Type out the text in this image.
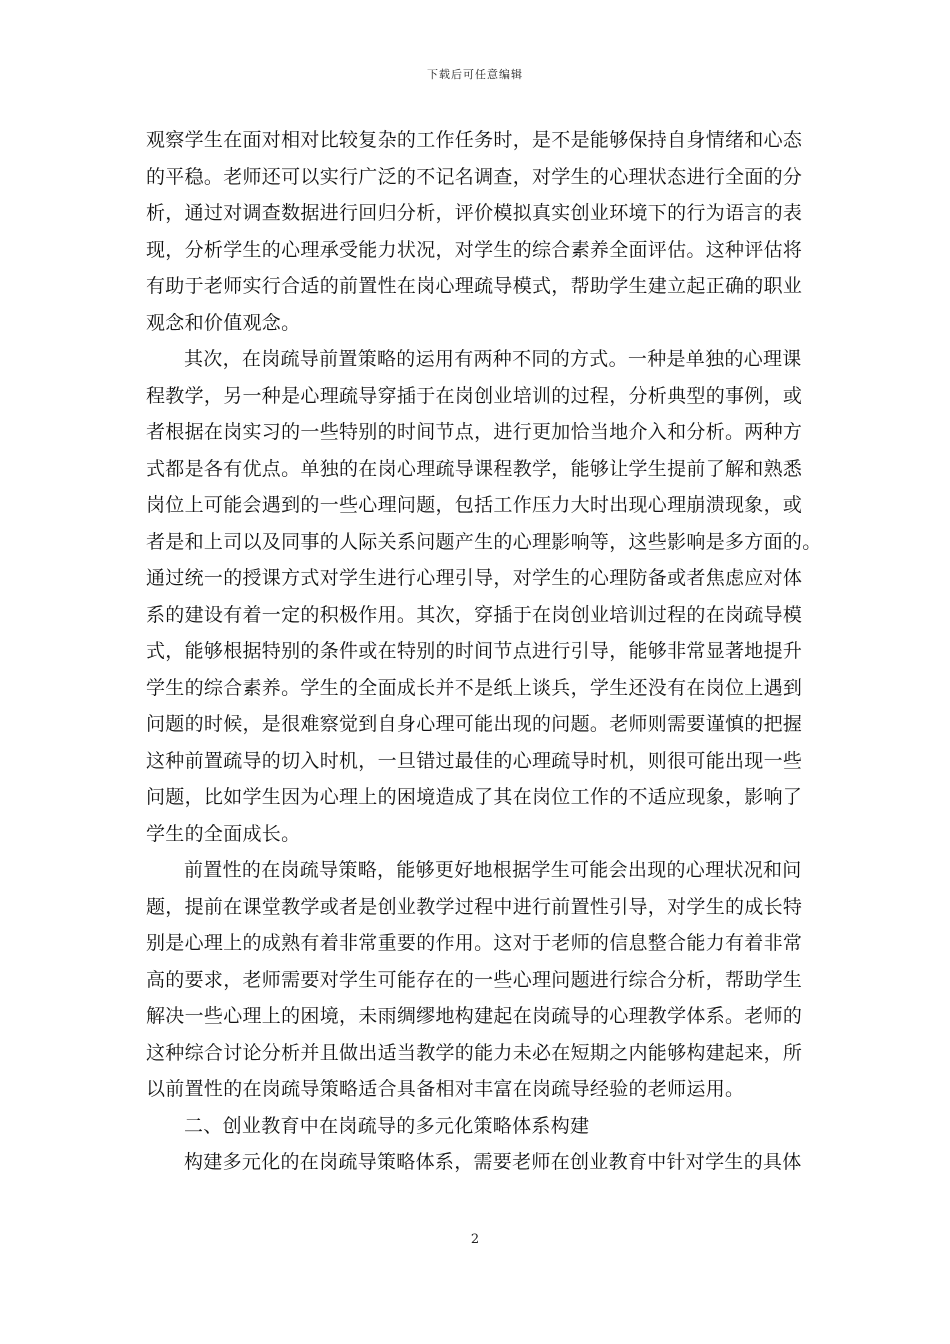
下载后可任意编辑
观察学生在面对相对比较复杂的工作任务时，是不是能够保持自身情绪和心态
的平稳。老师还可以实行广泛的不记名调查，对学生的心理状态进行全面的分
析，通过对调查数据进行回归分析，评价模拟真实创业环境下的行为语言的表
现，分析学生的心理承受能力状况，对学生的综合素养全面评估。这种评估将
有助于老师实行合适的前置性在岗心理疏导模式，帮助学生建立起正确的职业
观念和价值观念。
其次，在岗疏导前置策略的运用有两种不同的方式。一种是单独的心理课
程教学，另一种是心理疏导穿插于在岗创业培训的过程，分析典型的事例，或
者根据在岗实习的一些特别的时间节点，进行更加恰当地介入和分析。两种方
式都是各有优点。单独的在岗心理疏导课程教学，能够让学生提前了解和熟悉
岗位上可能会遇到的一些心理问题，包括工作压力大时出现心理崩溃现象，或
者是和上司以及同事的人际关系问题产生的心理影响等，这些影响是多方面的。
通过统一的授课方式对学生进行心理引导，对学生的心理防备或者焦虑应对体
系的建设有着一定的积极作用。其次，穿插于在岗创业培训过程的在岗疏导模
式，能够根据特别的条件或在特别的时间节点进行引导，能够非常显著地提升
学生的综合素养。学生的全面成长并不是纸上谈兵，学生还没有在岗位上遇到
问题的时候，是很难察觉到自身心理可能出现的问题。老师则需要谨慎的把握
这种前置疏导的切入时机，一旦错过最佳的心理疏导时机，则很可能出现一些
问题，比如学生因为心理上的困境造成了其在岗位工作的不适应现象，影响了
学生的全面成长。
前置性的在岗疏导策略，能够更好地根据学生可能会出现的心理状况和问
题，提前在课堂教学或者是创业教学过程中进行前置性引导，对学生的成长特
别是心理上的成熟有着非常重要的作用。这对于老师的信息整合能力有着非常
高的要求，老师需要对学生可能存在的一些心理问题进行综合分析，帮助学生
解决一些心理上的困境，未雨绸缪地构建起在岗疏导的心理教学体系。老师的
这种综合讨论分析并且做出适当教学的能力未必在短期之内能够构建起来，所
以前置性的在岗疏导策略适合具备相对丰富在岗疏导经验的老师运用。
二、创业教育中在岗疏导的多元化策略体系构建
构建多元化的在岗疏导策略体系，需要老师在创业教育中针对学生的具体
2
